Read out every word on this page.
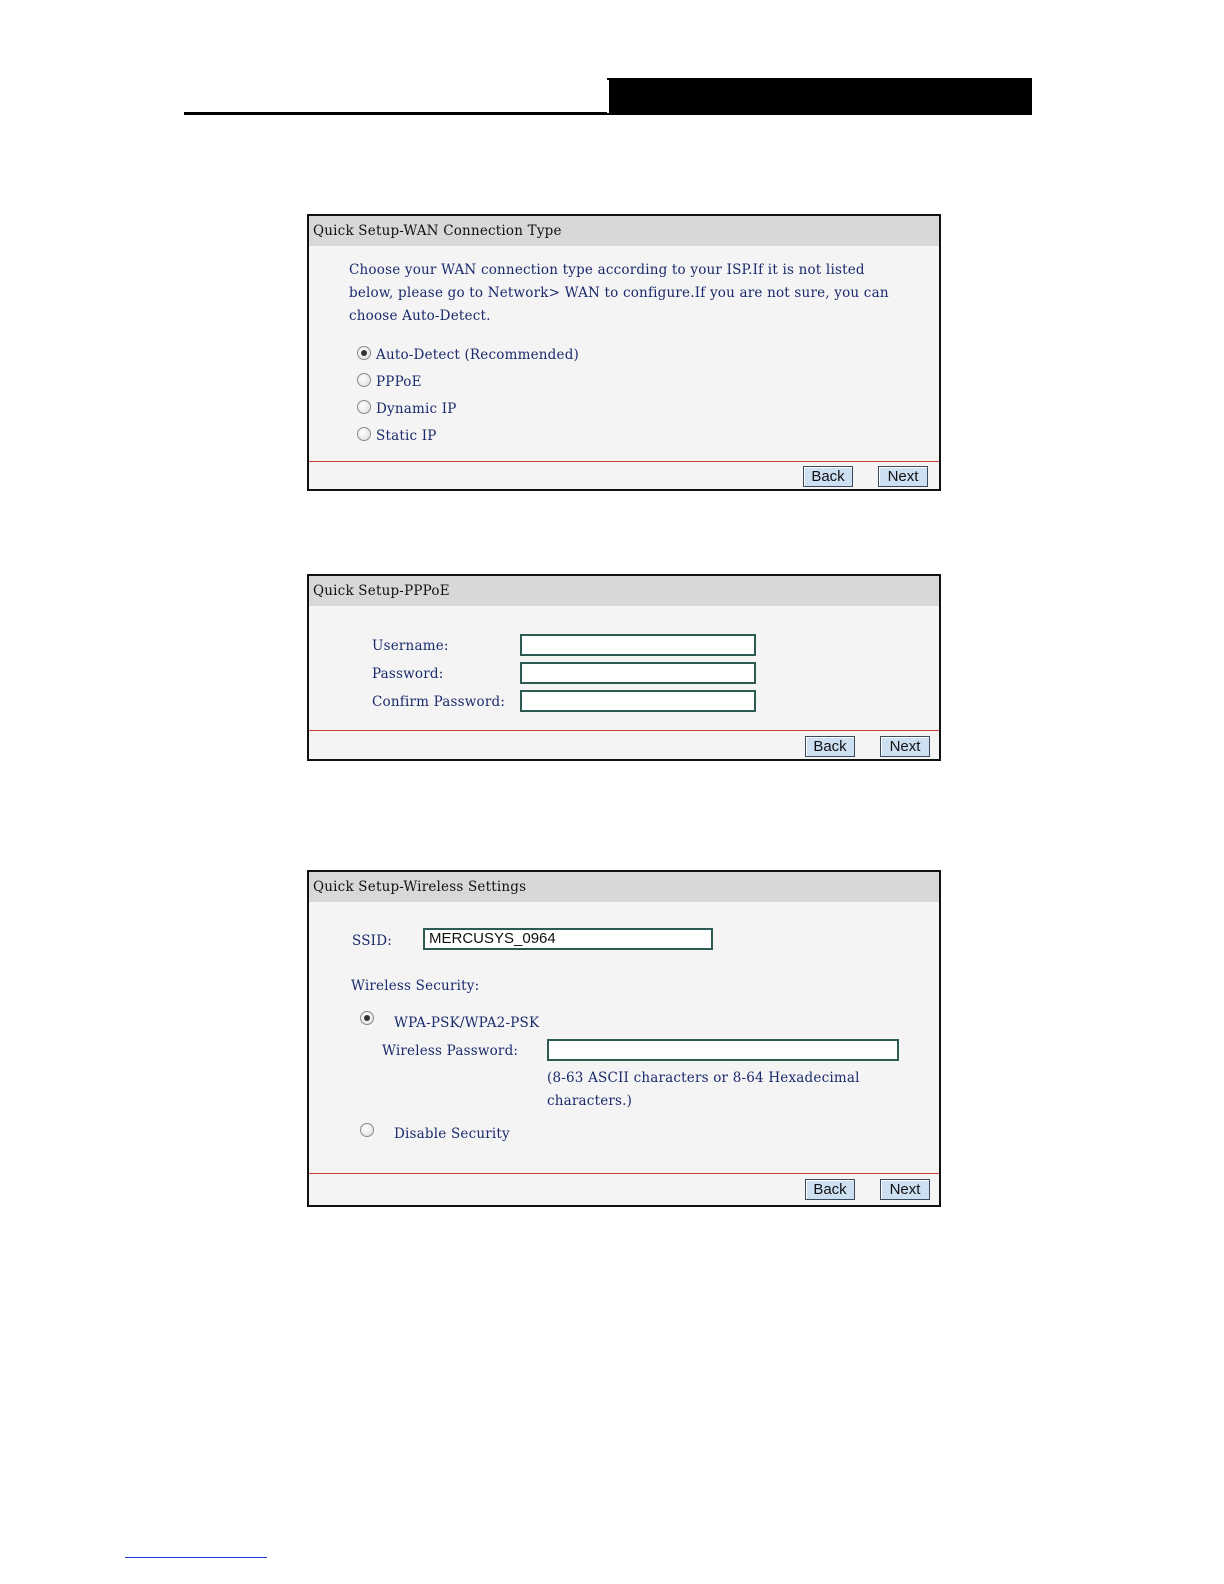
Quick Setup-WAN Connection Type
Choose your WAN connection type according to your ISP.If it is not listed below, please go to Network> WAN to configure.If you are not sure, you can choose Auto-Detect.
Auto-Detect (Recommended)
PPPoE
Dynamic IP
Static IP
Back	Next
Quick Setup-PPPoE
Username:
Password:
Confirm Password:
Back	Next
Quick Setup-Wireless Settings
SSID:	MERCUSYS_0964
Wireless Security:
WPA-PSK/WPA2-PSK
Wireless Password:
(8-63 ASCII characters or 8-64 Hexadecimal characters.)
Disable Security
Back	Next
